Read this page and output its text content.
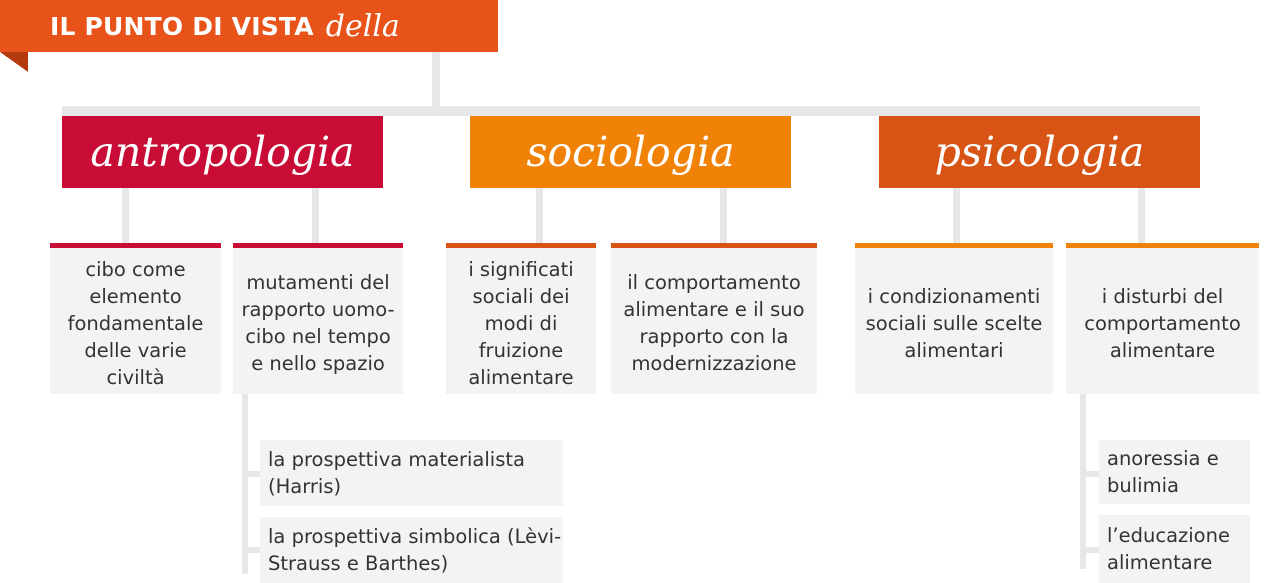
IL PUNTO DI VISTA della
antropologia	sociologia	psicologia
cibo come elemento fondamentale delle varie civiltà
mutamenti del rapporto uomo-cibo nel tempo e nello spazio
i significati sociali dei modi di fruizione alimentare
il comportamento alimentare e il suo rapporto con la modernizzazione
i condizionamenti sociali sulle scelte alimentari
i disturbi del comportamento alimentare
la prospettiva materialista (Harris)
la prospettiva simbolica (Lèvi-Strauss e Barthes)
anoressia e bulimia
l’educazione alimentare
